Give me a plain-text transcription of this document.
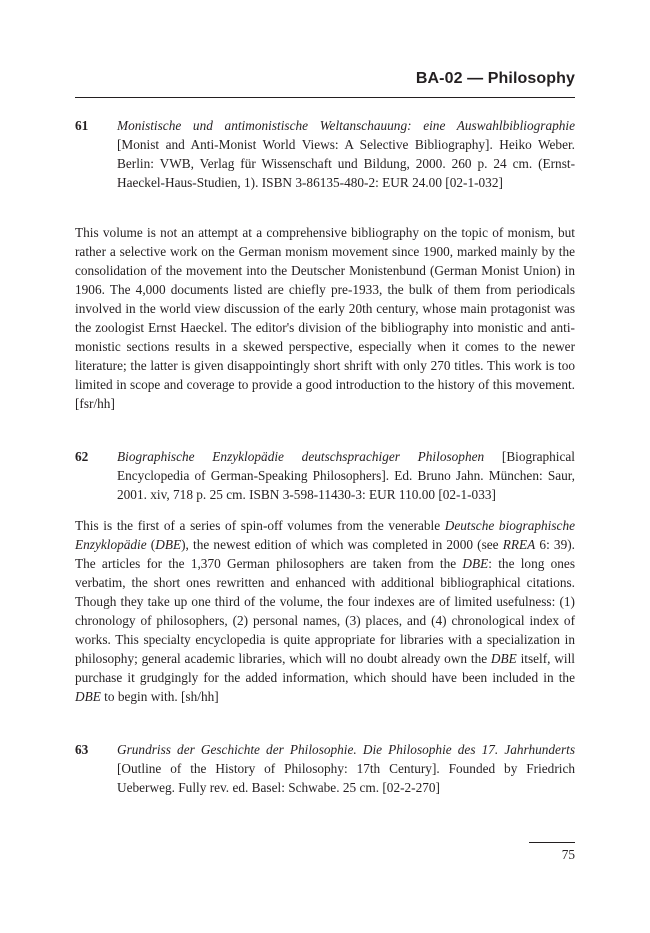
BA-02 — Philosophy
61 Monistische und antimonistische Weltanschauung: eine Auswahlbibliographie [Monist and Anti-Monist World Views: A Selective Bibliography]. Heiko Weber. Berlin: VWB, Verlag für Wissenschaft und Bildung, 2000. 260 p. 24 cm. (Ernst-Haeckel-Haus-Studien, 1). ISBN 3-86135-480-2: EUR 24.00 [02-1-032]

This volume is not an attempt at a comprehensive bibliography on the topic of monism, but rather a selective work on the German monism movement since 1900, marked mainly by the consolidation of the movement into the Deutscher Monistenbund (German Monist Union) in 1906. The 4,000 documents listed are chiefly pre-1933, the bulk of them from periodicals involved in the world view discussion of the early 20th century, whose main protagonist was the zoologist Ernst Haeckel. The editor's division of the bibliography into monistic and anti-monistic sections results in a skewed perspective, especially when it comes to the newer literature; the latter is given disappointingly short shrift with only 270 titles. This work is too limited in scope and coverage to provide a good introduction to the history of this movement. [fsr/hh]

62 Biographische Enzyklopädie deutschsprachiger Philosophen [Biographical Encyclopedia of German-Speaking Philosophers]. Ed. Bruno Jahn. München: Saur, 2001. xiv, 718 p. 25 cm. ISBN 3-598-11430-3: EUR 110.00 [02-1-033]

This is the first of a series of spin-off volumes from the venerable Deutsche biographische Enzyklopädie (DBE), the newest edition of which was completed in 2000 (see RREA 6: 39). The articles for the 1,370 German philosophers are taken from the DBE: the long ones verbatim, the short ones rewritten and enhanced with additional bibliographical citations. Though they take up one third of the volume, the four indexes are of limited usefulness: (1) chronology of philosophers, (2) personal names, (3) places, and (4) chronological index of works. This specialty encyclopedia is quite appropriate for libraries with a specialization in philosophy; general academic libraries, which will no doubt already own the DBE itself, will purchase it grudgingly for the added information, which should have been included in the DBE to begin with. [sh/hh]

63 Grundriss der Geschichte der Philosophie. Die Philosophie des 17. Jahrhunderts [Outline of the History of Philosophy: 17th Century]. Founded by Friedrich Ueberweg. Fully rev. ed. Basel: Schwabe. 25 cm. [02-2-270]
75
